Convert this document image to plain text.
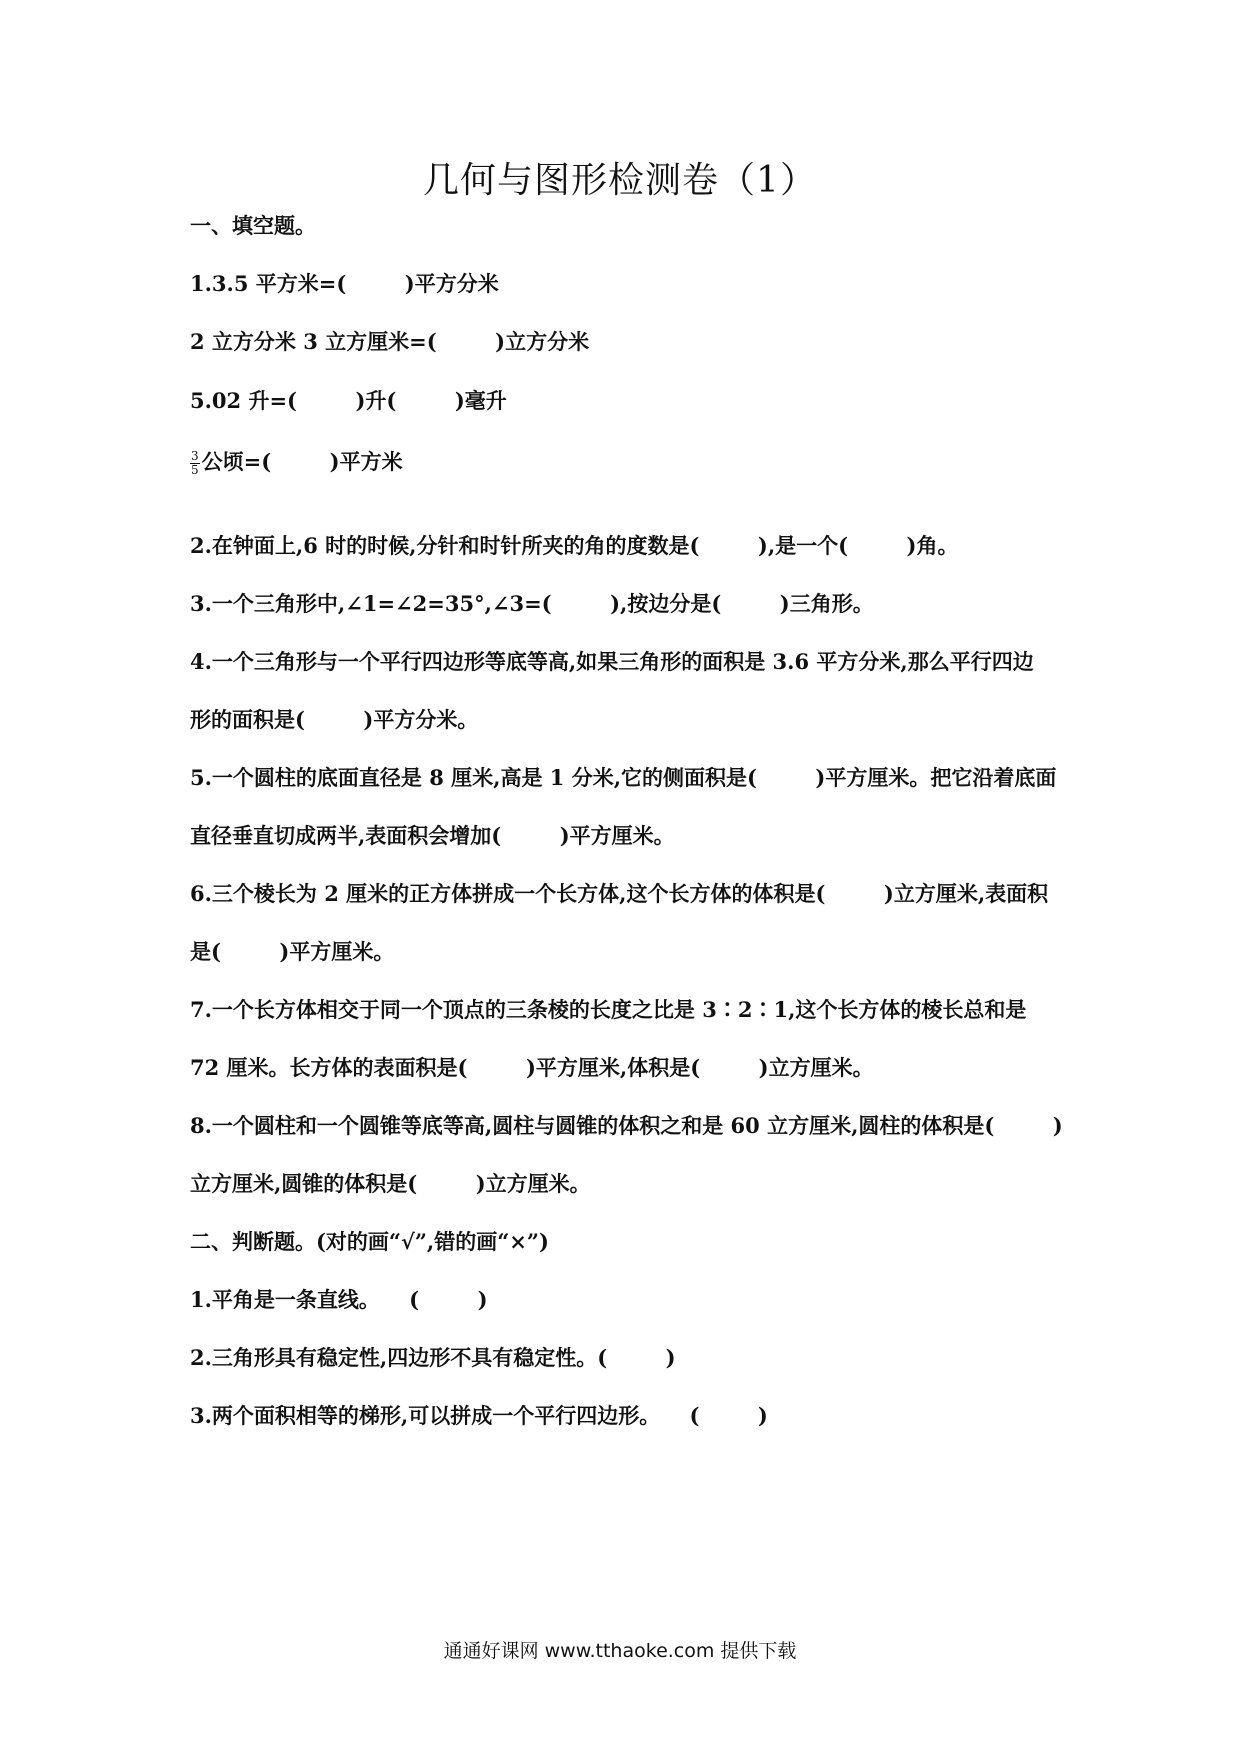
几何与图形检测卷（1）
一、填空题。
1.3.5 平方米=(        )平方分米
2 立方分米 3 立方厘米=(        )立方分米
5.02 升=(        )升(        )毫升
$\frac{3}{5}$ 公顷=(        )平方米
2.在钟面上,6 时的时候,分针和时针所夹的角的度数是(        ),是一个(        )角。
3.一个三角形中,∠1=∠2=35°,∠3=(        ),按边分是(        )三角形。
4.一个三角形与一个平行四边形等底等高,如果三角形的面积是 3.6 平方分米,那么平行四边
形的面积是(        )平方分米。
5.一个圆柱的底面直径是 8 厘米,高是 1 分米,它的侧面积是(        )平方厘米。把它沿着底面
直径垂直切成两半,表面积会增加(        )平方厘米。
6.三个棱长为 2 厘米的正方体拼成一个长方体,这个长方体的体积是(        )立方厘米,表面积
是(        )平方厘米。
7.一个长方体相交于同一个顶点的三条棱的长度之比是 3∶2∶1,这个长方体的棱长总和是
72 厘米。长方体的表面积是(        )平方厘米,体积是(        )立方厘米。
8.一个圆柱和一个圆锥等底等高,圆柱与圆锥的体积之和是 60 立方厘米,圆柱的体积是(        )
立方厘米,圆锥的体积是(        )立方厘米。
二、判断题。(对的画“√”,错的画“×”)
1.平角是一条直线。    (        )
2.三角形具有稳定性,四边形不具有稳定性。(        )
3.两个面积相等的梯形,可以拼成一个平行四边形。    (        )
通通好课网 www.tthaoke.com 提供下载
